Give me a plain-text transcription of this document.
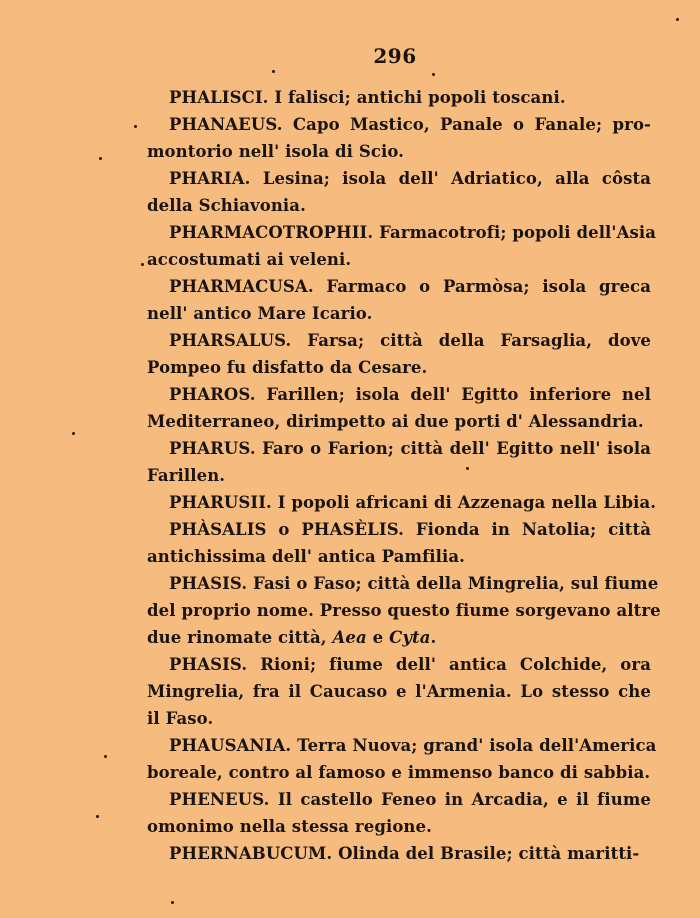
296
PHALISCI. I falisci; antichi popoli toscani.
PHANAEUS. Capo Mastico, Panale o Fanale; pro-
montorio nell' isola di Scio.
PHARIA. Lesina; isola dell' Adriatico, alla côsta
della Schiavonia.
PHARMACOTROPHII. Farmacotrofi; popoli dell'Asia
accostumati ai veleni.
PHARMACUSA. Farmaco o Parmòsa; isola greca
nell' antico Mare Icario.
PHARSALUS. Farsa; città della Farsaglia, dove
Pompeo fu disfatto da Cesare.
PHAROS. Farillen; isola dell' Egitto inferiore nel
Mediterraneo, dirimpetto ai due porti d' Alessandria.
PHARUS. Faro o Farion; città dell' Egitto nell' isola
Farillen.
PHARUSII. I popoli africani di Azzenaga nella Libia.
PHÀSALIS o PHASÈLIS. Fionda in Natolia; città
antichissima dell' antica Pamfilia.
PHASIS. Fasi o Faso; città della Mingrelia, sul fiume
del proprio nome. Presso questo fiume sorgevano altre
due rinomate città, Aea e Cyta.
PHASIS. Rioni; fiume dell' antica Colchide, ora
Mingrelia, fra il Caucaso e l'Armenia. Lo stesso che
il Faso.
PHAUSANIA. Terra Nuova; grand' isola dell'America
boreale, contro al famoso e immenso banco di sabbia.
PHENEUS. Il castello Feneo in Arcadia, e il fiume
omonimo nella stessa regione.
PHERNABUCUM. Olinda del Brasile; città maritti-
